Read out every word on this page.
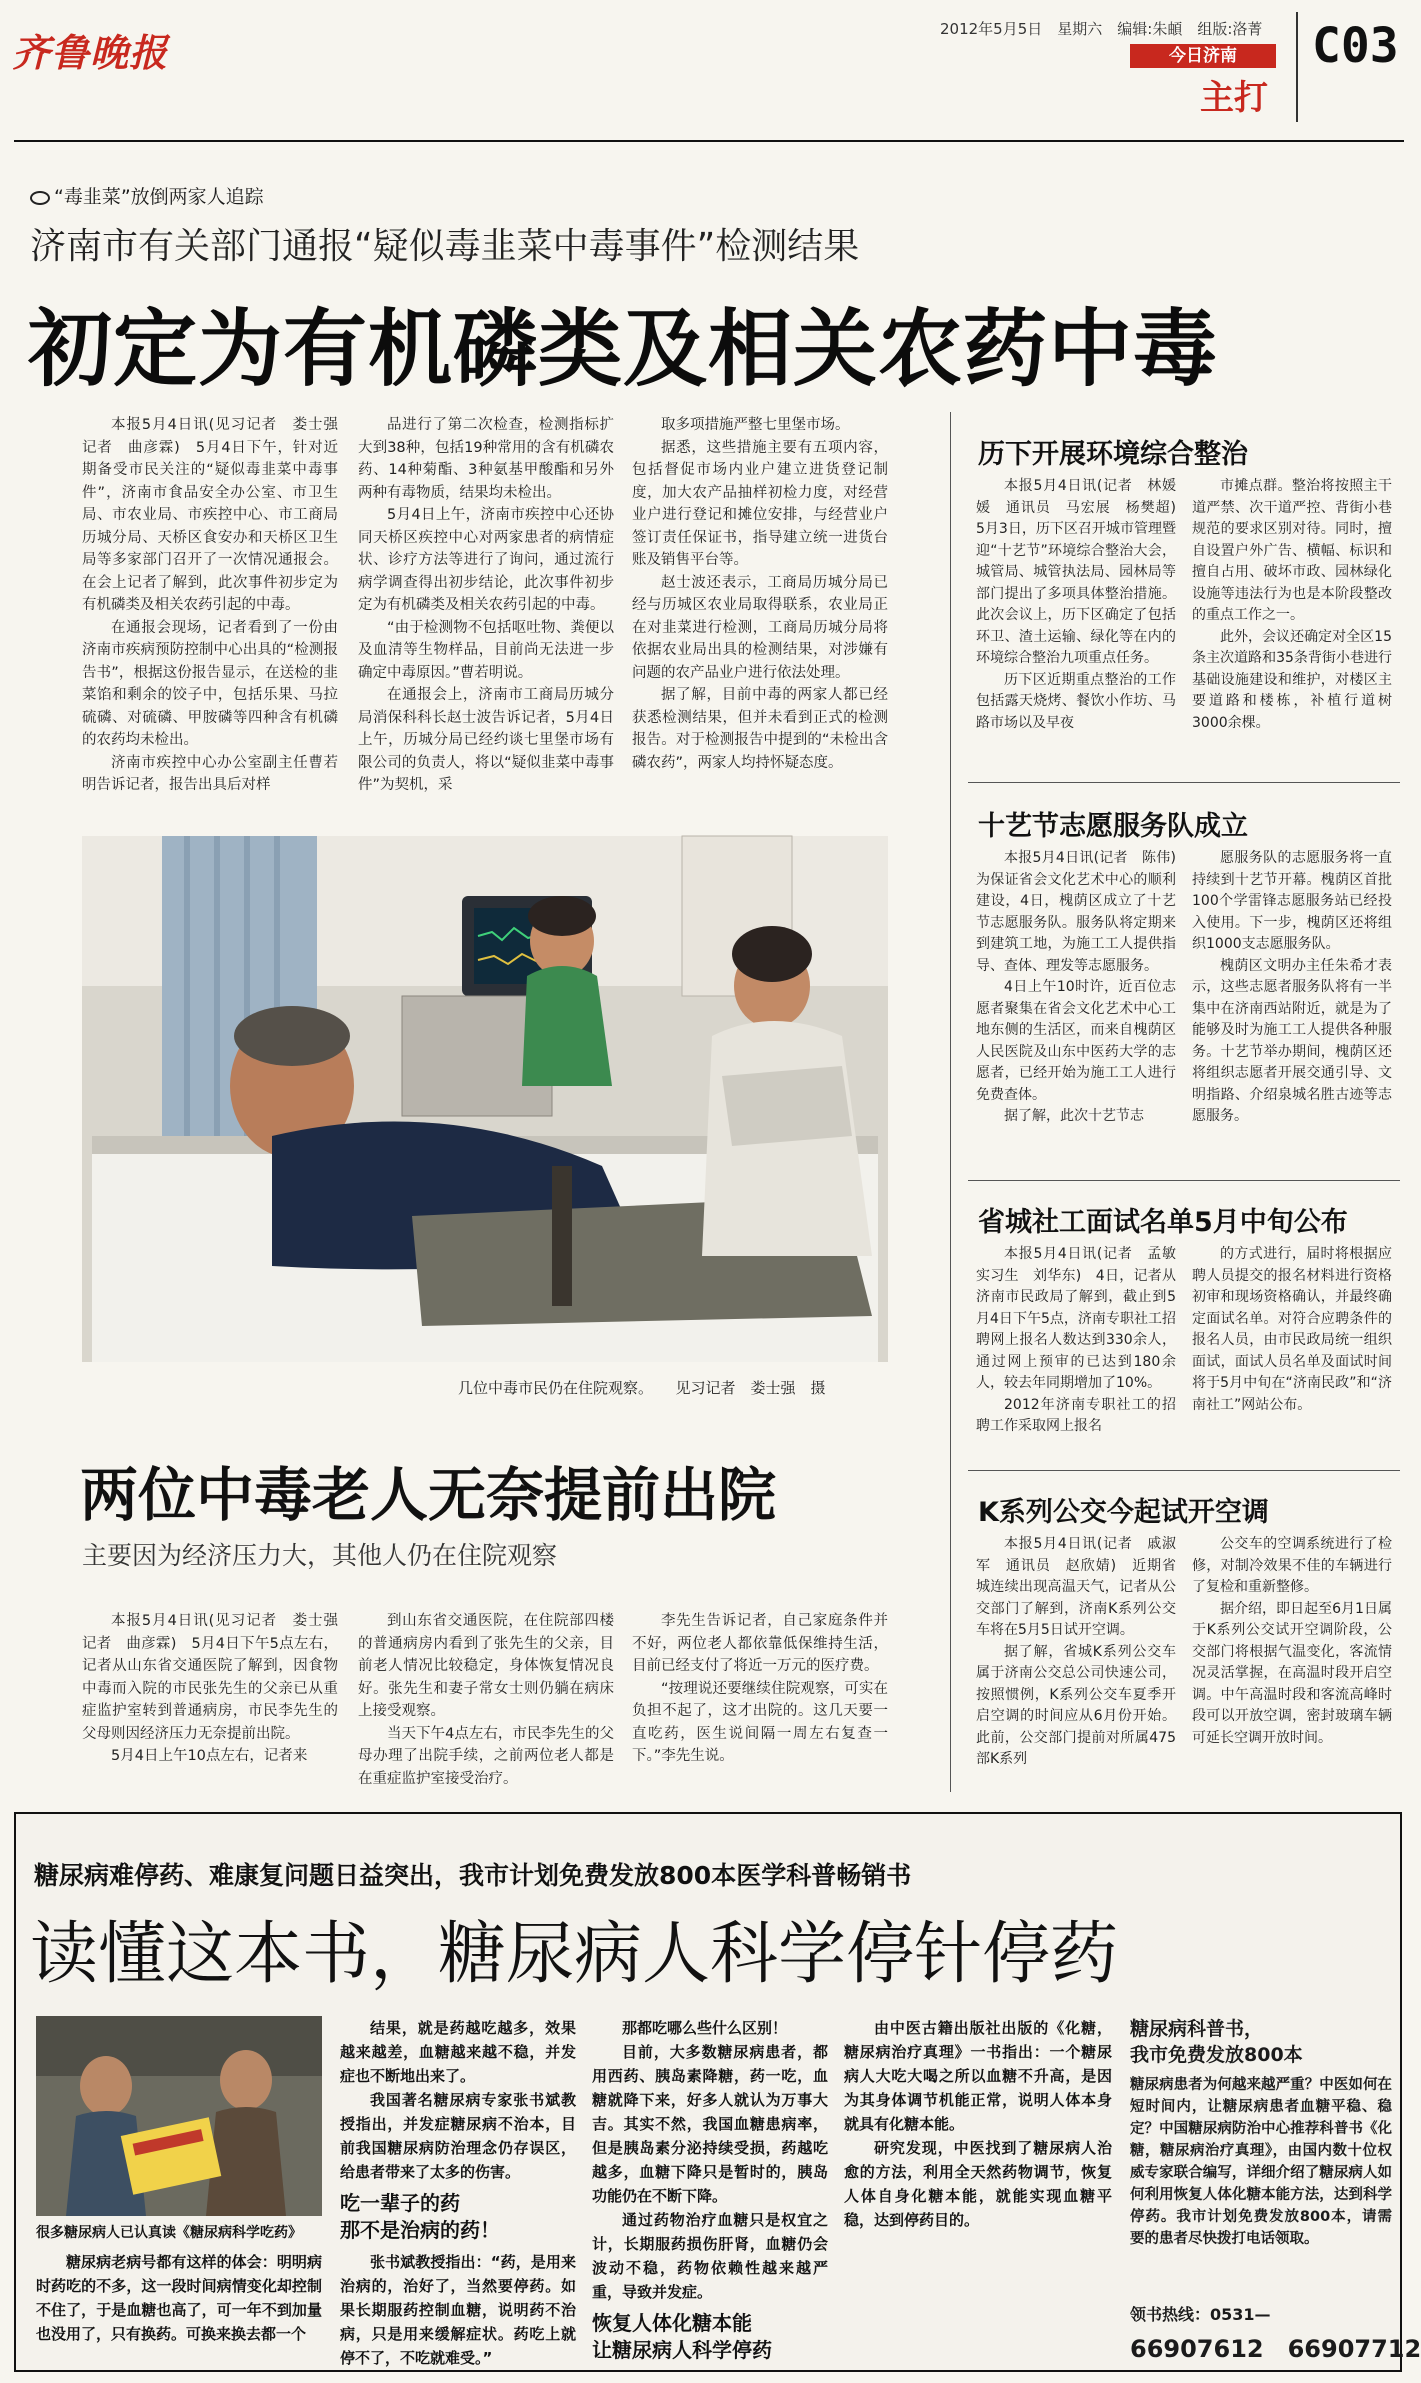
齐鲁晚报
2012年5月5日　星期六　编辑:朱頔　组版:洛菁
今日济南
主打
C03
“毒韭菜”放倒两家人追踪
济南市有关部门通报“疑似毒韭菜中毒事件”检测结果
初定为有机磷类及相关农药中毒

本报5月4日讯(见习记者　娄士强　记者　曲彦霖)　5月4日下午，针对近期备受市民关注的“疑似毒韭菜中毒事件”，济南市食品安全办公室、市卫生局、市农业局、市疾控中心、市工商局历城分局、天桥区食安办和天桥区卫生局等多家部门召开了一次情况通报会。在会上记者了解到，此次事件初步定为有机磷类及相关农药引起的中毒。

在通报会现场，记者看到了一份由济南市疾病预防控制中心出具的“检测报告书”，根据这份报告显示，在送检的韭菜馅和剩余的饺子中，包括乐果、马拉硫磷、对硫磷、甲胺磷等四种含有机磷的农药均未检出。

济南市疾控中心办公室副主任曹若明告诉记者，报告出具后对样

品进行了第二次检查，检测指标扩大到38种，包括19种常用的含有机磷农药、14种菊酯、3种氨基甲酸酯和另外两种有毒物质，结果均未检出。

5月4日上午，济南市疾控中心还协同天桥区疾控中心对两家患者的病情症状、诊疗方法等进行了询问，通过流行病学调查得出初步结论，此次事件初步定为有机磷类及相关农药引起的中毒。

“由于检测物不包括呕吐物、粪便以及血清等生物样品，目前尚无法进一步确定中毒原因。”曹若明说。

在通报会上，济南市工商局历城分局消保科科长赵士波告诉记者，5月4日上午，历城分局已经约谈七里堡市场有限公司的负责人，将以“疑似韭菜中毒事件”为契机，采

取多项措施严整七里堡市场。

据悉，这些措施主要有五项内容，包括督促市场内业户建立进货登记制度，加大农产品抽样初检力度，对经营业户进行登记和摊位安排，与经营业户签订责任保证书，指导建立统一进货台账及销售平台等。

赵士波还表示，工商局历城分局已经与历城区农业局取得联系，农业局正在对韭菜进行检测，工商局历城分局将依据农业局出具的检测结果，对涉嫌有问题的农产品业户进行依法处理。

据了解，目前中毒的两家人都已经获悉检测结果，但并未看到正式的检测报告。对于检测报告中提到的“未检出含磷农药”，两家人均持怀疑态度。

几位中毒市民仍在住院观察。　　见习记者　娄士强　摄
两位中毒老人无奈提前出院
主要因为经济压力大，其他人仍在住院观察

本报5月4日讯(见习记者　娄士强　记者　曲彦霖)　5月4日下午5点左右，记者从山东省交通医院了解到，因食物中毒而入院的市民张先生的父亲已从重症监护室转到普通病房，市民李先生的父母则因经济压力无奈提前出院。

5月4日上午10点左右，记者来

到山东省交通医院，在住院部四楼的普通病房内看到了张先生的父亲，目前老人情况比较稳定，身体恢复情况良好。张先生和妻子常女士则仍躺在病床上接受观察。

当天下午4点左右，市民李先生的父母办理了出院手续，之前两位老人都是在重症监护室接受治疗。

李先生告诉记者，自己家庭条件并不好，两位老人都依靠低保维持生活，目前已经支付了将近一万元的医疗费。

“按理说还要继续住院观察，可实在负担不起了，这才出院的。这几天要一直吃药，医生说间隔一周左右复查一下。”李先生说。

历下开展环境综合整治

本报5月4日讯(记者　林媛媛　通讯员　马宏展　杨樊超)　5月3日，历下区召开城市管理暨迎“十艺节”环境综合整治大会，城管局、城管执法局、园林局等部门提出了多项具体整治措施。此次会议上，历下区确定了包括环卫、渣土运输、绿化等在内的环境综合整治九项重点任务。

历下区近期重点整治的工作包括露天烧烤、餐饮小作坊、马路市场以及早夜

市摊点群。整治将按照主干道严禁、次干道严控、背街小巷规范的要求区别对待。同时，擅自设置户外广告、横幅、标识和擅自占用、破坏市政、园林绿化设施等违法行为也是本阶段整改的重点工作之一。

此外，会议还确定对全区15条主次道路和35条背街小巷进行基础设施建设和维护，对楼区主要道路和楼栋，补植行道树3000余棵。

十艺节志愿服务队成立

本报5月4日讯(记者　陈伟)　为保证省会文化艺术中心的顺利建设，4日，槐荫区成立了十艺节志愿服务队。服务队将定期来到建筑工地，为施工工人提供指导、查体、理发等志愿服务。

4日上午10时许，近百位志愿者聚集在省会文化艺术中心工地东侧的生活区，而来自槐荫区人民医院及山东中医药大学的志愿者，已经开始为施工工人进行免费查体。

据了解，此次十艺节志

愿服务队的志愿服务将一直持续到十艺节开幕。槐荫区首批100个学雷锋志愿服务站已经投入使用。下一步，槐荫区还将组织1000支志愿服务队。

槐荫区文明办主任朱希才表示，这些志愿者服务队将有一半集中在济南西站附近，就是为了能够及时为施工工人提供各种服务。十艺节举办期间，槐荫区还将组织志愿者开展交通引导、文明指路、介绍泉城名胜古迹等志愿服务。

省城社工面试名单5月中旬公布

本报5月4日讯(记者　孟敏　实习生　刘华东)　4日，记者从济南市民政局了解到，截止到5月4日下午5点，济南专职社工招聘网上报名人数达到330余人，通过网上预审的已达到180余人，较去年同期增加了10%。

2012年济南专职社工的招聘工作采取网上报名

的方式进行，届时将根据应聘人员提交的报名材料进行资格初审和现场资格确认，并最终确定面试名单。对符合应聘条件的报名人员，由市民政局统一组织面试，面试人员名单及面试时间将于5月中旬在“济南民政”和“济南社工”网站公布。

K系列公交今起试开空调

本报5月4日讯(记者　戚淑军　通讯员　赵欣婧)　近期省城连续出现高温天气，记者从公交部门了解到，济南K系列公交车将在5月5日试开空调。

据了解，省城K系列公交车属于济南公交总公司快速公司，按照惯例，K系列公交车夏季开启空调的时间应从6月份开始。此前，公交部门提前对所属475部K系列

公交车的空调系统进行了检修，对制冷效果不佳的车辆进行了复检和重新整修。

据介绍，即日起至6月1日属于K系列公交试开空调阶段，公交部门将根据气温变化，客流情况灵活掌握，在高温时段开启空调。中午高温时段和客流高峰时段可以开放空调，密封玻璃车辆可延长空调开放时间。

糖尿病难停药、难康复问题日益突出，我市计划免费发放800本医学科普畅销书
读懂这本书，糖尿病人科学停针停药
很多糖尿病人已认真读《糖尿病科学吃药》

糖尿病老病号都有这样的体会：明明病时药吃的不多，这一段时间病情变化却控制不住了，于是血糖也高了，可一年不到加量也没用了，只有换药。可换来换去都一个

结果，就是药越吃越多，效果越来越差，血糖越来越不稳，并发症也不断地出来了。

我国著名糖尿病专家张书斌教授指出，并发症糖尿病不治本，目前我国糖尿病防治理念仍存误区，给患者带来了太多的伤害。

吃一辈子的药
那不是治病的药！

张书斌教授指出：“药，是用来治病的，治好了，当然要停药。如果长期服药控制血糖，说明药不治病，只是用来缓解症状。药吃上就停不了，不吃就难受。”

那都吃哪么些什么区别！

目前，大多数糖尿病患者，都用西药、胰岛素降糖，药一吃，血糖就降下来，好多人就认为万事大吉。其实不然，我国血糖患病率，但是胰岛素分泌持续受损，药越吃越多，血糖下降只是暂时的，胰岛功能仍在不断下降。

通过药物治疗血糖只是权宜之计，长期服药损伤肝肾，血糖仍会波动不稳，药物依赖性越来越严重，导致并发症。

恢复人体化糖本能
让糖尿病人科学停药

由中医古籍出版社出版的《化糖，糖尿病治疗真理》一书指出：一个糖尿病人大吃大喝之所以血糖不升高，是因为其身体调节机能正常，说明人体本身就具有化糖本能。

研究发现，中医找到了糖尿病人治愈的方法，利用全天然药物调节，恢复人体自身化糖本能，就能实现血糖平稳，达到停药目的。

糖尿病科普书，
我市免费发放800本
糖尿病患者为何越来越严重？中医如何在短时间内，让糖尿病患者血糖平稳、稳定？中国糖尿病防治中心推荐科普书《化糖，糖尿病治疗真理》，由国内数十位权威专家联合编写，详细介绍了糖尿病人如何利用恢复人体化糖本能方法，达到科学停药。我市计划免费发放800本，请需要的患者尽快拨打电话领取。
领书热线：0531—
66907612　66907712
